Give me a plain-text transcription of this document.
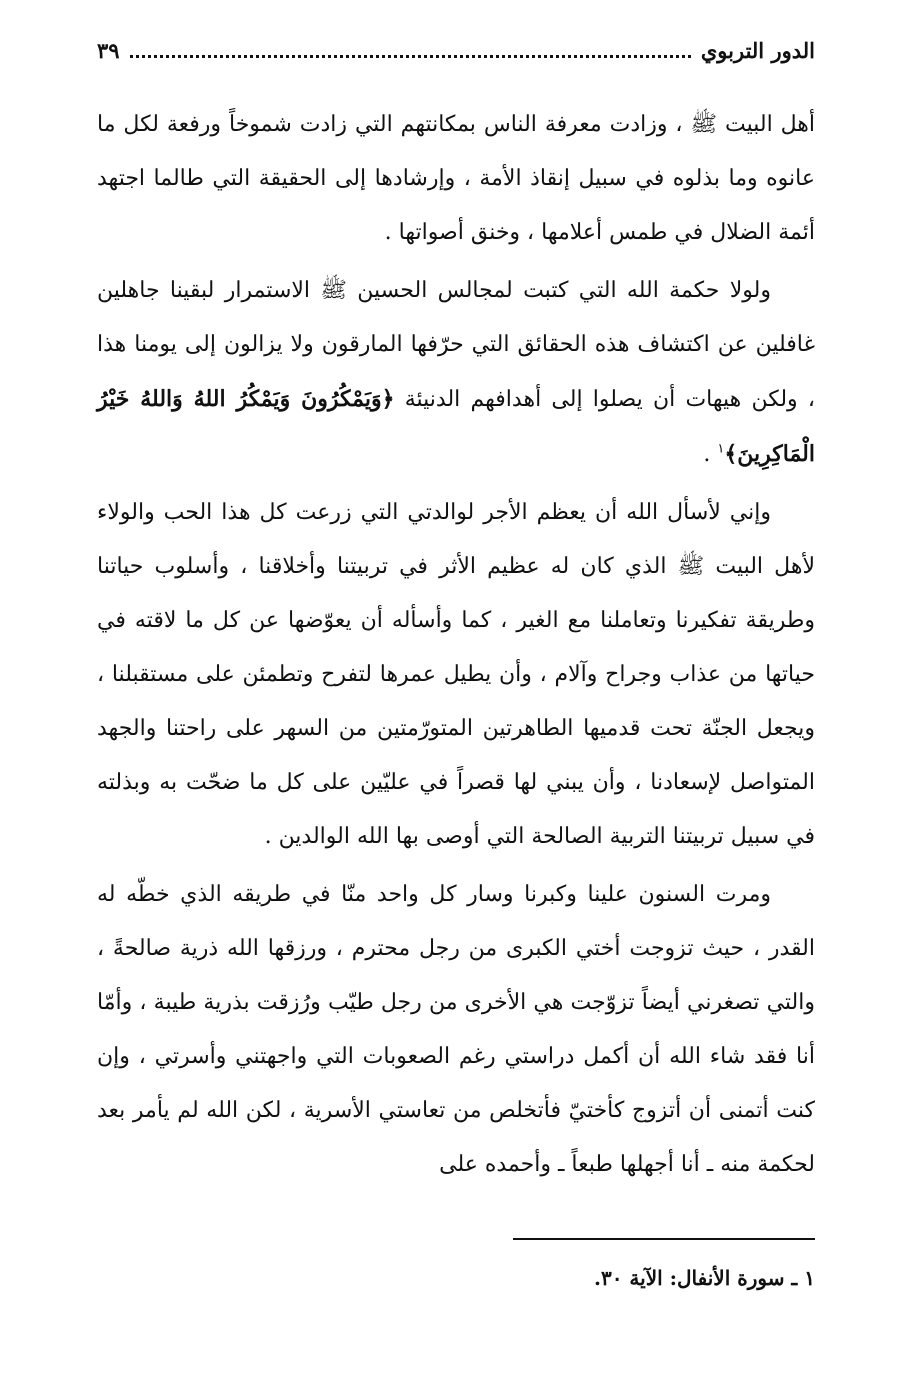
الدور التربوي
٣٩

أهل البيت ﷺ ، وزادت معرفة الناس بمكانتهم التي زادت شموخاً ورفعة لكل ما عانوه وما بذلوه في سبيل إنقاذ الأمة ، وإرشادها إلى الحقيقة التي طالما اجتهد أئمة الضلال في طمس أعلامها ، وخنق أصواتها .

ولولا حكمة الله التي كتبت لمجالس الحسين ﷺ الاستمرار لبقينا جاهلين غافلين عن اكتشاف هذه الحقائق التي حرّفها المارقون ولا يزالون إلى يومنا هذا ، ولكن هيهات أن يصلوا إلى أهدافهم الدنيئة ﴿وَيَمْكُرُونَ وَيَمْكُرُ اللهُ وَاللهُ خَيْرُ الْمَاكِرِينَ﴾$^١$ .

وإني لأسأل الله أن يعظم الأجر لوالدتي التي زرعت كل هذا الحب والولاء لأهل البيت ﷺ الذي كان له عظيم الأثر في تربيتنا وأخلاقنا ، وأسلوب حياتنا وطريقة تفكيرنا وتعاملنا مع الغير ، كما وأسأله أن يعوّضها عن كل ما لاقته في حياتها من عذاب وجراح وآلام ، وأن يطيل عمرها لتفرح وتطمئن على مستقبلنا ، ويجعل الجنّة تحت قدميها الطاهرتين المتورّمتين من السهر على راحتنا والجهد المتواصل لإسعادنا ، وأن يبني لها قصراً في عليّين على كل ما ضحّت به وبذلته في سبيل تربيتنا التربية الصالحة التي أوصى بها الله الوالدين .

ومرت السنون علينا وكبرنا وسار كل واحد منّا في طريقه الذي خطّه له القدر ، حيث تزوجت أختي الكبرى من رجل محترم ، ورزقها الله ذرية صالحةً ، والتي تصغرني أيضاً تزوّجت هي الأخرى من رجل طيّب ورُزقت بذرية طيبة ، وأمّا أنا فقد شاء الله أن أكمل دراستي رغم الصعوبات التي واجهتني وأسرتي ، وإن كنت أتمنى أن أتزوج كأختيّ فأتخلص من تعاستي الأسرية ، لكن الله لم يأمر بعد لحكمة منه ـ أنا أجهلها طبعاً ـ وأحمده على

١ ـ سورة الأنفال: الآية ٣٠.
